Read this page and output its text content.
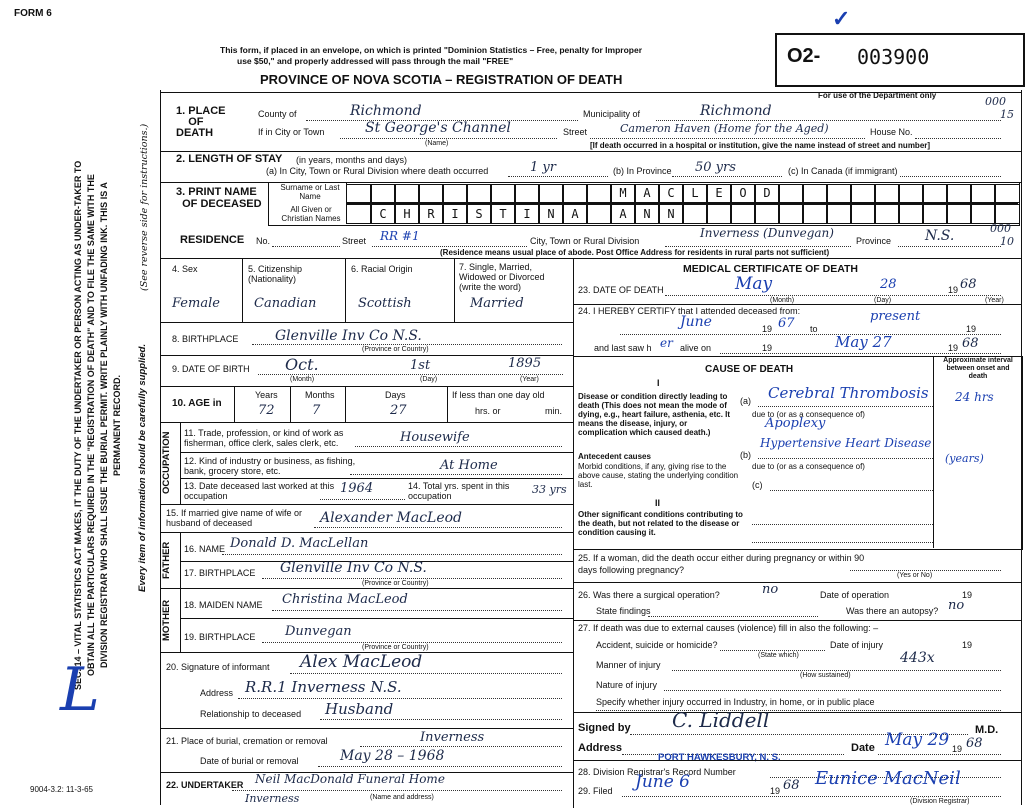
FORM 6
This form, if placed in an envelope, on which is printed "Dominion Statistics – Free, penalty for Improper
use $50," and properly addressed will pass through the mail "FREE"
PROVINCE OF NOVA SCOTIA – REGISTRATION OF DEATH
O2- 003900
✓
For use of the Department only	000
15
SEC. 14 – VITAL STATISTICS ACT MAKES, IT THE DUTY OF THE UNDERTAKER OR PERSON ACTING AS UNDER-TAKER TO OBTAIN ALL THE PARTICULARS REQUIRED IN THE "REGISTRATION OF DEATH" AND TO FILE THE SAME WITH THE DIVISION REGISTRAR WHO SHALL ISSUE THE BURIAL PERMIT. WRITE PLAINLY WITH UNFADING INK. THIS IS A PERMANENT RECORD.	Every item of information should be carefully supplied.
(See reverse side for instructions.)
L
9004-3.2: 11-3-65
1. PLACE
OF
DEATH
County of	Richmond	Municipality of	Richmond
If in City or Town	St George's Channel
(Name)
Street	Cameron Haven (Home for the Aged)	House No.
[If death occurred in a hospital or institution, give the name instead of street and number]
2. LENGTH OF STAY (in years, months and days)
(a) In City, Town or Rural Division where death occurred	1 yr	(b) In Province 50 yrs	(c) In Canada (if immigrant)
3. PRINT NAME
OF DECEASED
Surname or Last Name
All Given or Christian Names
M	A	C	L	E	O	D
C	H	R	I	S	T	I	N	A	A	N	N
RESIDENCE No.	Street RR #1	City, Town or Rural Division
Inverness (Dunvegan)
Province N.S.	000
10
(Residence means usual place of abode. Post Office Address for residents in rural parts not sufficient)
4. Sex	5. Citizenship (Nationality)
6. Racial Origin	7. Single, Married, Widowed or Divorced (write the word)
Female	Canadian	Scottish	Married
8. BIRTHPLACE	Glenville Inv Co N.S.
(Province or Country)
9. DATE OF BIRTH Oct.	1st	1895
(Month)	(Day)	(Year)
10. AGE in
Years	Months	Days
72	7	27
If less than one day old
hrs. or	min.
OCCUPATION	11. Trade, profession, or kind of work as fisherman, office clerk, sales clerk, etc.	Housewife
12. Kind of industry or business, as fishing, bank, grocery store, etc.	At Home
13. Date deceased last worked at this occupation	1964	14. Total yrs. spent in this occupation	33 yrs
15. If married give name of wife or husband of deceased	Alexander MacLeod
FATHER	16. NAME Donald D. MacLellan
17. BIRTHPLACE Glenville Inv Co N.S.
(Province or Country)
MOTHER	18. MAIDEN NAME Christina MacLeod
19. BIRTHPLACE Dunvegan
(Province or Country)
20. Signature of informant Alex MacLeod
Address R.R.1 Inverness N.S.
Relationship to deceased Husband
21. Place of burial, cremation or removal	Inverness
Date of burial or removal	May 28 – 1968
22. UNDERTAKER Neil MacDonald Funeral Home
Inverness	(Name and address)
MEDICAL CERTIFICATE OF DEATH
23. DATE OF DEATH	May	28	19 68
(Month)	(Day)	(Year)
24. I HEREBY CERTIFY that I attended deceased from:
June	19 67 to
present
19
and last saw h er alive on	19	May 27	19 68
CAUSE OF DEATH
Approximate interval between onset and death
I
Disease or condition directly leading to death (This does not mean the mode of dying, e.g., heart failure, asthenia, etc. It means the disease, injury, or complication which caused death.)
(a) Cerebral Thrombosis 24 hrs
due to (or as a consequence of)
Apoplexy
Antecedent causes
Morbid conditions, if any, giving rise to the above cause, stating the underlying condition last.
(b)
Hypertensive Heart Disease
(years)
due to (or as a consequence of)
(c)
II
Other significant conditions contributing to the death, but not related to the disease or condition causing it.
25. If a woman, did the death occur either during pregnancy or within 90 days following pregnancy?
(Yes or No)
26. Was there a surgical operation?	no	Date of operation	19
State findings	Was there an autopsy? no
27. If death was due to external causes (violence) fill in also the following: –
Accident, suicide or homicide?
(State which)
Date of injury	19
443x
Manner of injury
(How sustained)
Nature of injury
Specify whether injury occurred in Industry, in home, or in public place
Signed by C. Liddell	M.D.
Address
PORT HAWKESBURY, N. S.
Date May 29 19 68
28. Division Registrar's Record Number
29. Filed June 6	19 68 Eunice MacNeil
(Division Registrar)
